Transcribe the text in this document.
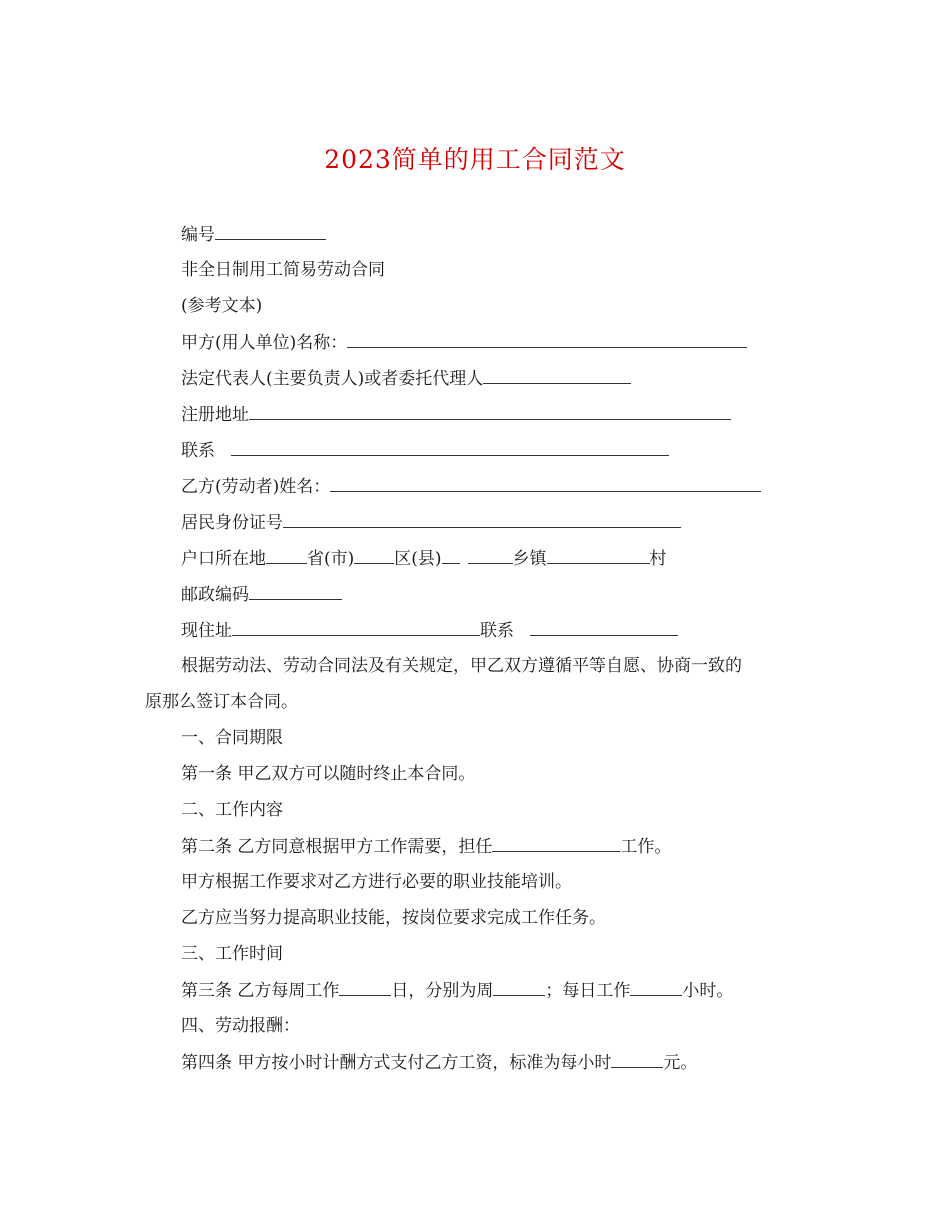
2023简单的用工合同范文
编号
非全日制用工简易劳动合同
(参考文本)
甲方(用人单位)名称：
法定代表人(主要负责人)或者委托代理人
注册地址
联系
乙方(劳动者)姓名：
居民身份证号
户口所在地 省(市) 区(县)	乡镇	村
邮政编码
现住址	联系
根据劳动法、劳动合同法及有关规定，甲乙双方遵循平等自愿、协商一致的
原那么签订本合同。
一、合同期限
第一条 甲乙双方可以随时终止本合同。
二、工作内容
第二条 乙方同意根据甲方工作需要，担任	工作。
甲方根据工作要求对乙方进行必要的职业技能培训。
乙方应当努力提高职业技能，按岗位要求完成工作任务。
三、工作时间
第三条 乙方每周工作	日，分别为周	；每日工作	小时。
四、劳动报酬：
第四条 甲方按小时计酬方式支付乙方工资，标准为每小时	元。
